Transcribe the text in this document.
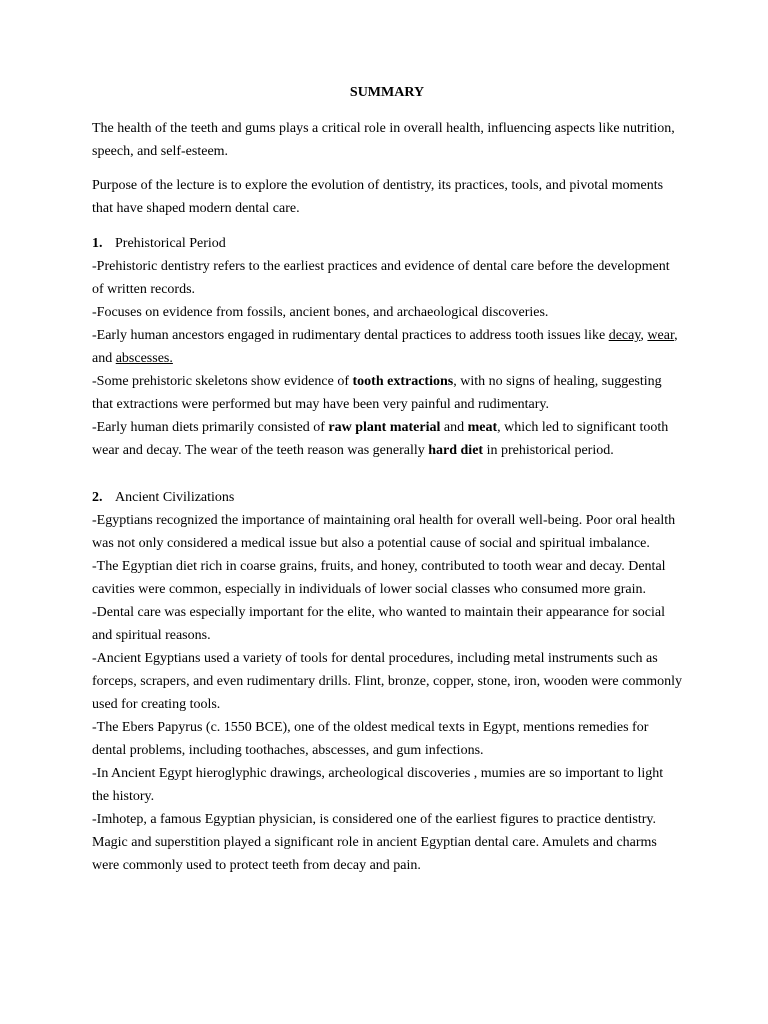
SUMMARY

The health of the teeth and gums plays a critical role in overall health, influencing aspects like nutrition, speech, and self-esteem.

Purpose of the lecture is to explore the evolution of dentistry, its practices, tools, and pivotal moments that have shaped modern dental care.

1. Prehistorical Period

-Prehistoric dentistry refers to the earliest practices and evidence of dental care before the development of written records.

-Focuses on evidence from fossils, ancient bones, and archaeological discoveries.

-Early human ancestors engaged in rudimentary dental practices to address tooth issues like decay, wear, and abscesses.

-Some prehistoric skeletons show evidence of tooth extractions, with no signs of healing, suggesting that extractions were performed but may have been very painful and rudimentary.

-Early human diets primarily consisted of raw plant material and meat, which led to significant tooth wear and decay. The wear of the teeth reason was generally hard diet in prehistorical period.

2. Ancient Civilizations

-Egyptians recognized the importance of maintaining oral health for overall well-being. Poor oral health was not only considered a medical issue but also a potential cause of social and spiritual imbalance.

-The Egyptian diet rich in coarse grains, fruits, and honey, contributed to tooth wear and decay. Dental cavities were common, especially in individuals of lower social classes who consumed more grain.

-Dental care was especially important for the elite, who wanted to maintain their appearance for social and spiritual reasons.

-Ancient Egyptians used a variety of tools for dental procedures, including metal instruments such as forceps, scrapers, and even rudimentary drills. Flint, bronze, copper, stone, iron, wooden were commonly used for creating tools.

-The Ebers Papyrus (c. 1550 BCE), one of the oldest medical texts in Egypt, mentions remedies for dental problems, including toothaches, abscesses, and gum infections.

-In Ancient Egypt hieroglyphic drawings, archeological discoveries , mumies are so important to light the history.

-Imhotep, a famous Egyptian physician, is considered one of the earliest figures to practice dentistry. Magic and superstition played a significant role in ancient Egyptian dental care. Amulets and charms were commonly used to protect teeth from decay and pain.
